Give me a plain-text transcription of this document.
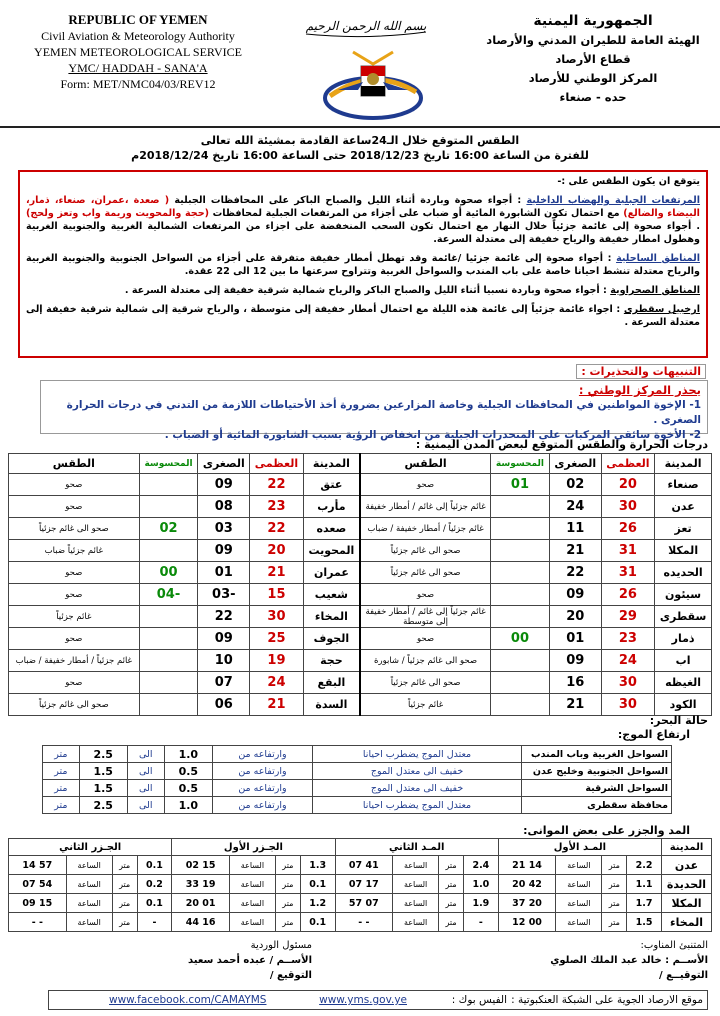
REPUBLIC OF YEMEN
Civil Aviation & Meteorology Authority
YEMEN METEOROLOGICAL SERVICE
YMC/ HADDAH - SANA'A
Form: MET/NMC04/03/REV12
بسم الله الرحمن الرحيم	الجمهورية اليمنية
الهيئة العامة للطيران المدني والأرصاد
قطاع الأرصاد
المركز الوطني للأرصاد
حده - صنعاء
الطقس المتوقع خلال الـ24ساعة القادمة بمشيئة الله تعالى
للفترة من الساعة 16:00 تاريخ 2018/12/23 حتى الساعة 16:00 تاريخ 2018/12/24م

يتوقع ان يكون الطقس على :-

المرتفعات الجبلية والهضاب الداخلية : أجواء صحوة وباردة أثناء الليل والصباح الباكر على المحافظات الجبلية ( صعدة ،عمران، صنعاء، ذمار، البيضاء والضالع) مع احتمال تكون الشابورة المائية أو ضباب على أجزاء من المرتفعات الجبلية لمحافظات (حجة والمحويت وريمة واب وتعز ولحج) . أجواء صحوة إلى غائمة جزئياً خلال النهار مع احتمال تكون السحب المنخفضة على اجزاء من المرتفعات الشمالية الغربية والجنوبية الغربية وهطول امطار خفيفة والرياح خفيفة إلى معتدلة السرعة.

المناطق الساحلية : أجواء صحوة إلى غائمة جزئيا /غائمة وقد تهطل أمطار خفيفة متفرقة على أجزاء من السواحل الجنوبية والجنوبية الغربية والرياح معتدلة تنشط احيانا خاصة على باب المندب والسواحل الغربية وتتراوح سرعتها ما بين 12 الى 22 عقدة.

المناطق الصحراوية : أجواء صحوة وباردة نسبيا أثناء الليل والصباح الباكر والرياح شمالية شرقية خفيفة إلى معتدلة السرعة .

ارخبيل سقطرى : اجواء غائمة جزئياً إلى غائمة هذه الليلة مع احتمال أمطار خفيفة إلى متوسطة ، والرياح شرقية إلى شمالية شرقية خفيفة إلى معتدلة السرعة .

التنبيهات والتحذيرات :
يحذر المركز الوطني :
1- الإخوة المواطنين في المحافظات الجبلية وخاصة المزارعين بضرورة أخذ الأحتياطات اللازمة من التدني في درجات الحرارة الصغرى .
2- الأخوة سائقي المركبات على المنحدرات الجبلية من انخفاض الرؤية بسبب الشابورة المائية أو الضباب .
درجات الحرارة والطقس المتوقع لبعض المدن اليمنية :
المدينة	العظمى	الصغرى	المحسوسة	الطقس	المدينة	العظمى	الصغرى	المحسوسة	الطقس
صنعاء	20	02	01	صحو	عتق	22	09		صحو
عدن	30	24		غائم جزئياً إلى غائم / أمطار خفيفة	مأرب	23	08		صحو
تعز	26	11		غائم جزئياً / أمطار خفيفة / ضباب	صعده	22	03	02	صحو الى غائم جزئياً
المكلا	31	21		صحو الى غائم جزئياً	المحويت	20	09		غائم جزئياً ضباب
الحديده	31	22		صحو الى غائم جزئياً	عمران	21	01	00	صحو
سيئون	26	09		صحو	شعيب	15	-03	-04	صحو
سقطرى	29	20		غائم جزئياً إلى غائم / أمطار خفيفة إلى متوسطة	المخاء	30	22		غائم جزئياً
ذمار	23	01	00	صحو	الجوف	25	09		صحو
اب	24	09		صحو الى غائم جزئياً / شابورة	حجة	19	10		غائم جزئياً / أمطار خفيفة / ضباب
الغيظه	30	16		صحو الى غائم جزئياً	البقع	24	07		صحو
الكود	30	21		غائم جزئياً	السدة	21	06		صحو الى غائم جزئياً
حالة البحر:
ارتفاع الموج:
السواحل الغربية وباب المندب	معتدل الموج يضطرب احيانا	وارتفاعه من	1.0	الى	2.5	متر
السواحل الجنوبية وخليج عدن	خفيف الى معتدل الموج	وارتفاعه من	0.5	الى	1.5	متر
السواحل الشرقية	خفيف الى معتدل الموج	وارتفاعه من	0.5	الى	1.5	متر
محافظة سقطرى	معتدل الموج يضطرب احيانا	وارتفاعه من	1.0	الى	2.5	متر
المد والجزر على بعض الموانى:
المدينة	المـد الأول				المـد الثاني				الجـزر الأول				الجـزر الثاني			
عدن	2.2	متر	الساعة	14 21	2.4	متر	الساعة	41 07	1.3	متر	الساعة	15 02	0.1	متر	الساعة	57 14
الحديدة	1.1	متر	الساعة	42 20	1.0	متر	الساعة	17 07	0.1	متر	الساعة	19 33	0.2	متر	الساعة	54 07
المكلا	1.7	متر	الساعة	20 37	1.9	متر	الساعة	07 57	1.2	متر	الساعة	01 20	0.1	متر	الساعة	15 09
المخاء	1.5	متر	الساعة	00 12	-	متر	الساعة	- -	0.1	متر	الساعة	16 44	-	متر	الساعة	- -
المتنبئ المناوب:
الأســم : خالد عبد الملك الصلوي
التوقيــع /
مسئول الوردية
الأســم / عبده أحمد سعيد
التوقيع /
موقع الارصاد الجوية على الشبكة العنكبوتية :
www.yms.gov.ye	الفيس بوك :
www.facebook.com/CAMAYMS
